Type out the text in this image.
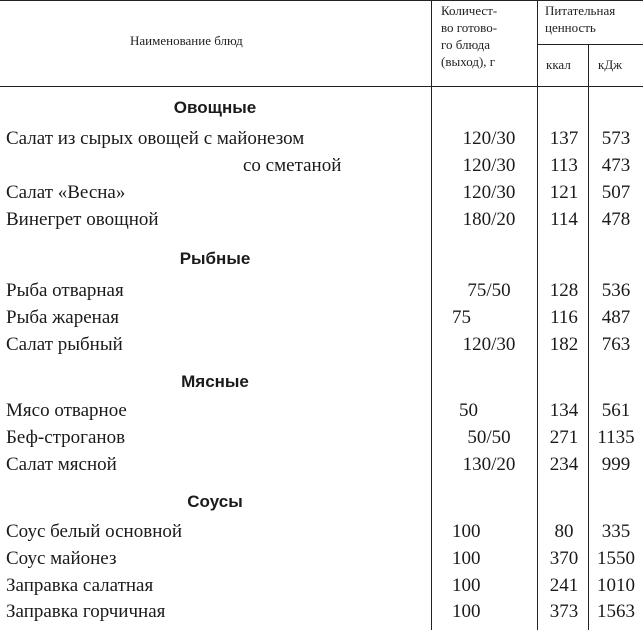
Наименование блюд
Количест-
во готово-
го блюда
(выход), г
Питательная
ценность
ккал кДж
Овощные
Салат из сырых овощей с майонезом	120/30	137	573
со сметаной	120/30	113	473
Салат «Весна»	120/30	121	507
Винегрет овощной	180/20	114	478
Рыбные
Рыба отварная	75/50	128	536
Рыба жареная	75	116	487
Салат рыбный	120/30	182	763
Мясные
Мясо отварное	50	134	561
Беф-строганов	50/50	271	1135
Салат мясной	130/20	234	999
Соусы
Соус белый основной	100	80	335
Соус майонез	100	370 1550
Заправка салатная	100	241 1010
Заправка горчичная	100	373 1563
